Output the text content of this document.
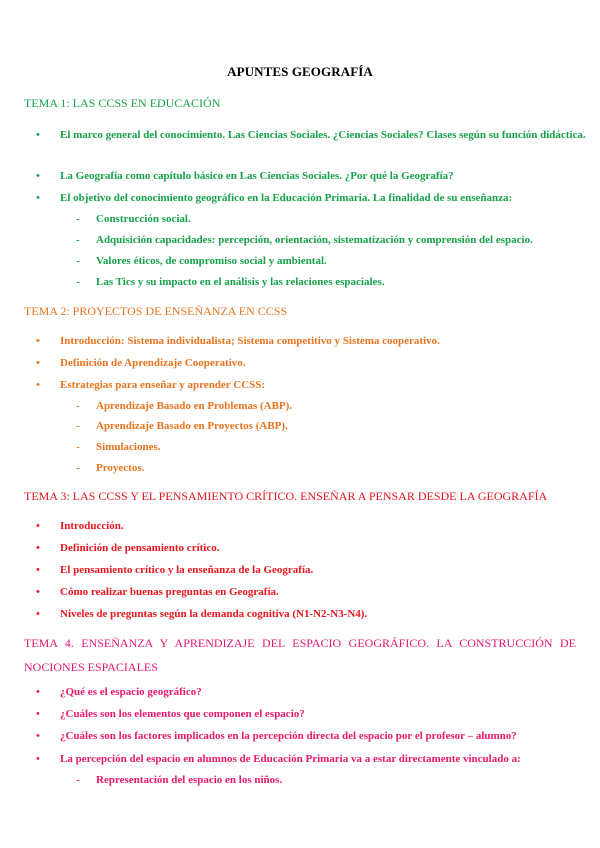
APUNTES GEOGRAFÍA
TEMA 1: LAS CCSS EN EDUCACIÓN
• El marco general del conocimiento. Las Ciencias Sociales. ¿Ciencias Sociales? Clases según su función didáctica.
• La Geografía como capítulo básico en Las Ciencias Sociales. ¿Por qué la Geografía?
• El objetivo del conocimiento geográfico en la Educación Primaria. La finalidad de su enseñanza:
- Construcción social.
- Adquisición capacidades: percepción, orientación, sistematización y comprensión del espacio.
- Valores éticos, de compromiso social y ambiental.
- Las Tics y su impacto en el análisis y las relaciones espaciales.
TEMA 2: PROYECTOS DE ENSEÑANZA EN CCSS
• Introducción: Sistema individualista; Sistema competitivo y Sistema cooperativo.
• Definición de Aprendizaje Cooperativo.
• Estrategias para enseñar y aprender CCSS:
- Aprendizaje Basado en Problemas (ABP).
- Aprendizaje Basado en Proyectos (ABP).
- Simulaciones.
- Proyectos.
TEMA 3: LAS CCSS Y EL PENSAMIENTO CRÍTICO. ENSEÑAR A PENSAR DESDE LA GEOGRAFÍA
• Introducción.
• Definición de pensamiento crítico.
• El pensamiento crítico y la enseñanza de la Geografía.
• Cómo realizar buenas preguntas en Geografía.
• Niveles de preguntas según la demanda cognitiva (N1-N2-N3-N4).
TEMA 4. ENSEÑANZA Y APRENDIZAJE DEL ESPACIO GEOGRÁFICO. LA CONSTRUCCIÓN DE NOCIONES ESPACIALES
• ¿Qué es el espacio geográfico?
• ¿Cuáles son los elementos que componen el espacio?
• ¿Cuáles son los factores implicados en la percepción directa del espacio por el profesor – alumno?
• La percepción del espacio en alumnos de Educación Primaria va a estar directamente vinculado a:
- Representación del espacio en los niños.
